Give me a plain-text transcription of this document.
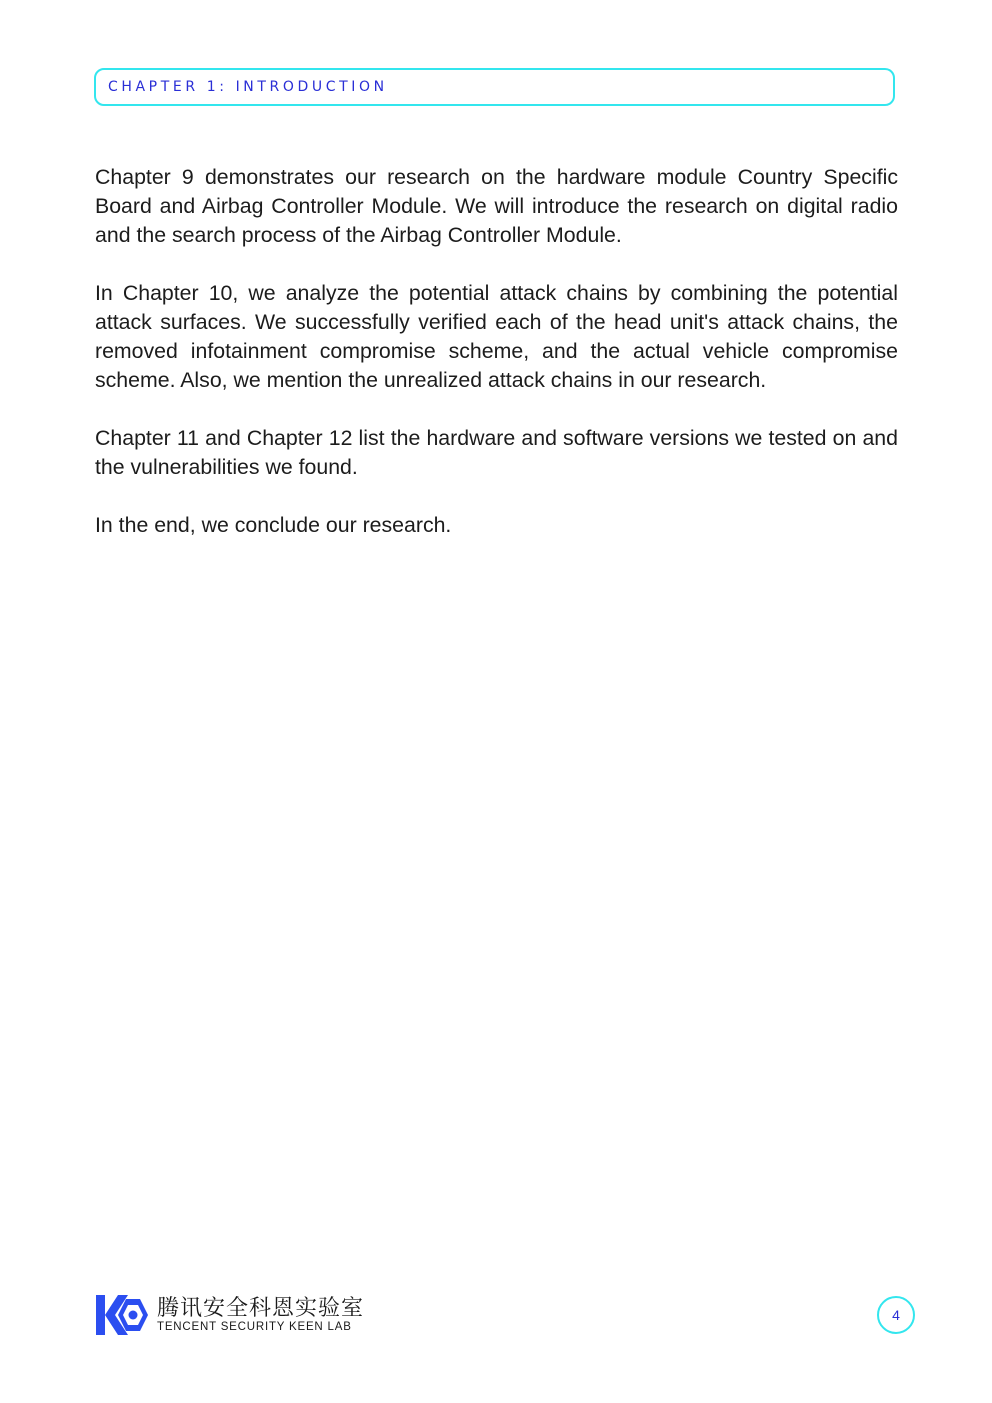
CHAPTER 1: INTRODUCTION

Chapter 9 demonstrates our research on the hardware module Country Specific Board and Airbag Controller Module. We will introduce the research on digital radio and the search process of the Airbag Controller Module.

In Chapter 10, we analyze the potential attack chains by combining the potential attack surfaces. We successfully verified each of the head unit's attack chains, the removed infotainment compromise scheme, and the actual vehicle compromise scheme. Also, we mention the unrealized attack chains in our research.

Chapter 11 and Chapter 12 list the hardware and software versions we tested on and the vulnerabilities we found.

In the end, we conclude our research.

腾讯安全科恩实验室
TENCENT SECURITY KEEN LAB
4
